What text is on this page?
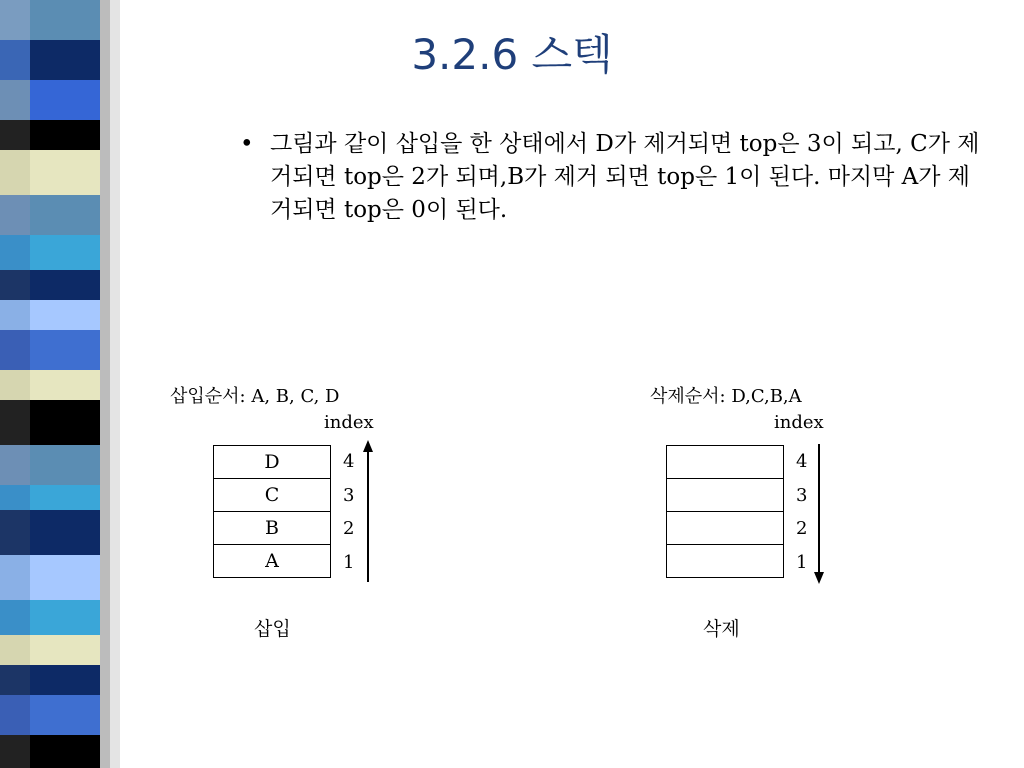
3.2.6 스텍
• 그림과 같이 삽입을 한 상태에서 D가 제거되면 top은 3이 되고, C가 제거되면 top은 2가 되며,B가 제거 되면 top은 1이 된다. 마지막 A가 제거되면 top은 0이 된다.
삽입순서: A, B, C, D
index
D
C
B
A
4
3
2
1
삽입
삭제순서: D,C,B,A
index
4
3
2
1
삭제
